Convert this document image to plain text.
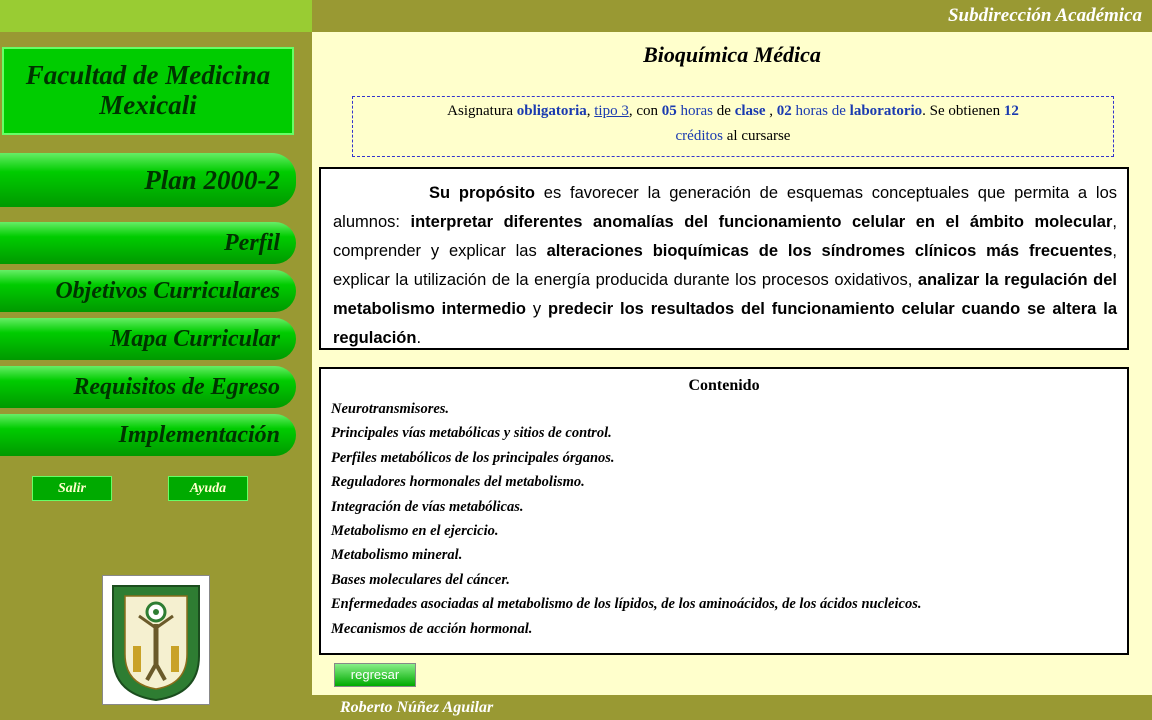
Subdirección Académica
Roberto Núñez Aguilar
Facultad de Medicina
Mexicali
Plan 2000-2
Perfil
Objetivos Curriculares
Mapa Curricular
Requisitos de Egreso
Implementación
Salir	Ayuda
Bioquímica Médica
Asignatura obligatoria, tipo 3, con 05 horas de clase , 02 horas de laboratorio. Se obtienen 12
créditos al cursarse
Su propósito es favorecer la generación de esquemas conceptuales que permita a los alumnos: interpretar diferentes anomalías del funcionamiento celular en el ámbito molecular, comprender y explicar las alteraciones bioquímicas de los síndromes clínicos más frecuentes, explicar la utilización de la energía producida durante los procesos oxidativos, analizar la regulación del metabolismo intermedio y predecir los resultados del funcionamiento celular cuando se altera la regulación.
Contenido
Neurotransmisores.
Principales vías metabólicas y sitios de control.
Perfiles metabólicos de los principales órganos.
Reguladores hormonales del metabolismo.
Integración de vías metabólicas.
Metabolismo en el ejercicio.
Metabolismo mineral.
Bases moleculares del cáncer.
Enfermedades asociadas al metabolismo de los lípidos, de los aminoácidos, de los ácidos nucleicos.
Mecanismos de acción hormonal.
regresar
